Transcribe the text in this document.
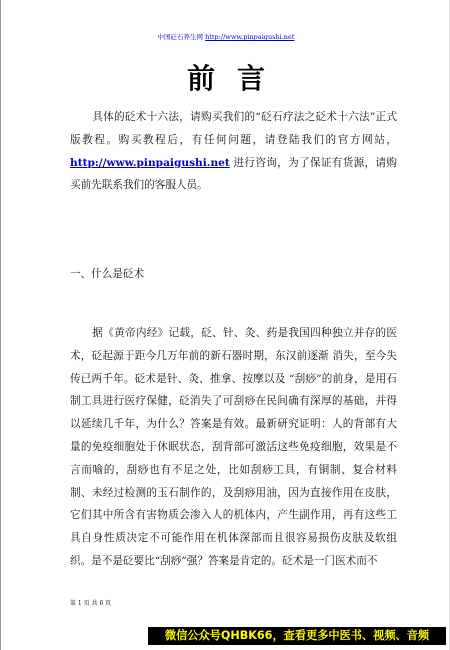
中国砭石养生网 http://www.pinpaigushi.net
前言

具体的砭术十六法，请购买我们的“砭石疗法之砭术十六法”正式版教程。购买教程后，有任何问题，请登陆我们的官方网站，http://www.pinpaigushi.net 进行咨询，为了保证有货源，请购买前先联系我们的客服人员。

一、什么是砭术

据《黄帝内经》记载，砭、针、灸、药是我国四种独立并存的医术，砭起源于距今几万年前的新石器时期，东汉前逐渐 消失，至今失传已两千年。砭术是针、灸、推拿、按摩以及 “刮痧”的前身，是用石制工具进行医疗保健，砭消失了可刮痧在民间确有深厚的基础，并得以延续几千年，为什么？答案是有效。最新研究证明：人的背部有大量的免疫细胞处于休眠状态，刮背部可激活这些免疫细胞，效果是不言而喻的，刮痧也有不足之处，比如刮痧工具，有铜制、复合材料制、未经过检测的玉石制作的，及刮痧用油，因为直接作用在皮肤，它们其中所含有害物质会渗入人的机体内，产生副作用，再有这些工具自身性质决定不可能作用在机体深部而且很容易损伤皮肤及软组织。是不是砭要比“刮痧”强？答案是肯定的。砭术是一门医术而不

第 1 页 共 6 页
微信公众号QHBK66，查看更多中医书、视频、音频
